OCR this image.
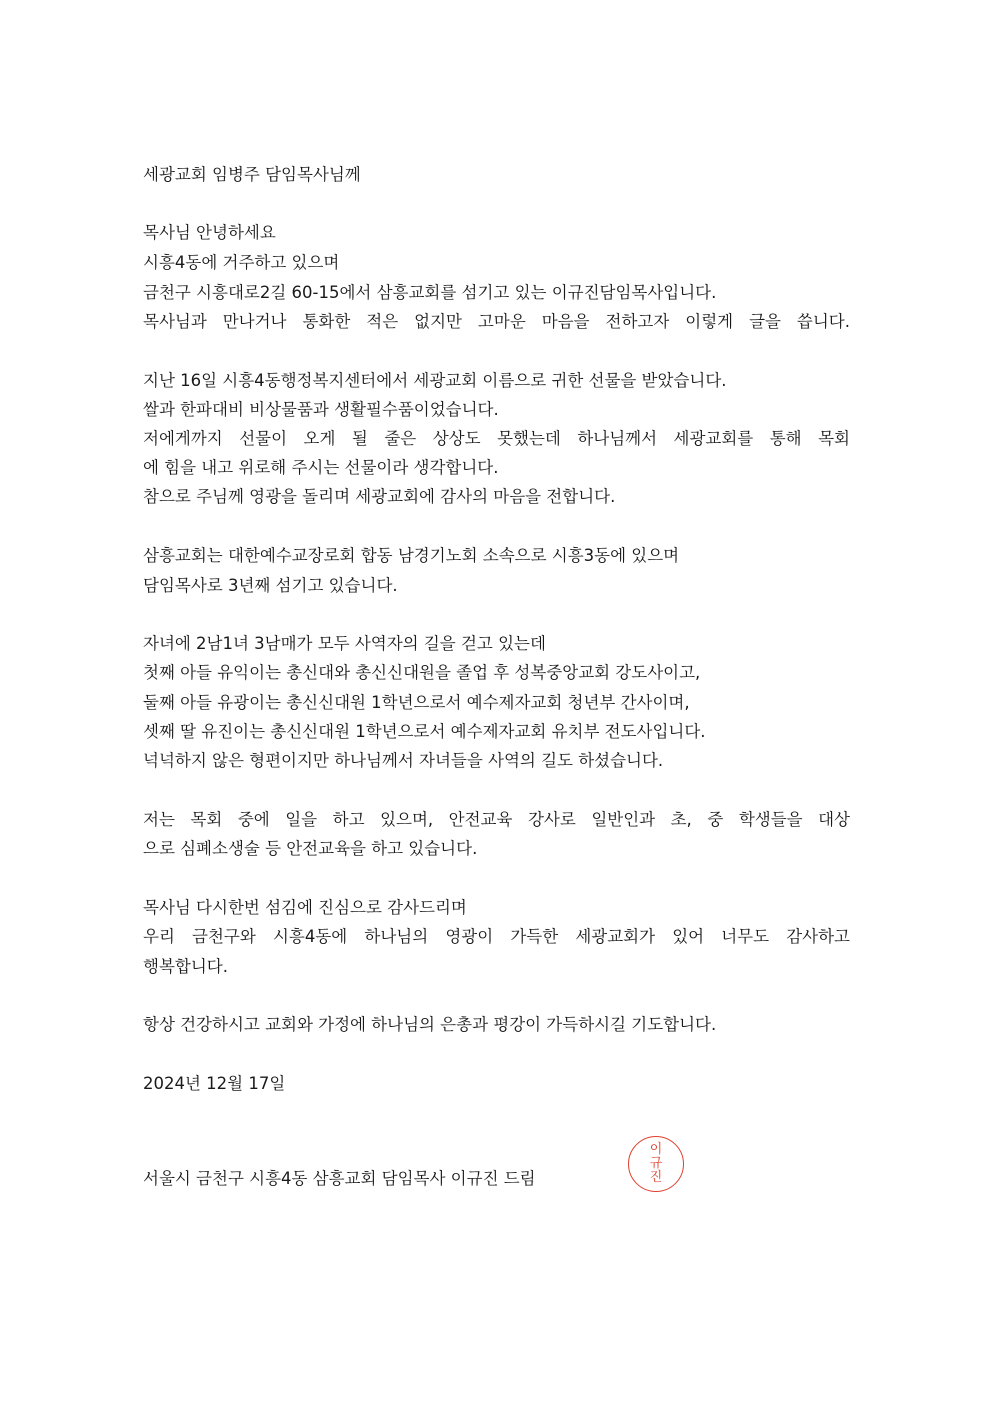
세광교회 임병주 담임목사님께
목사님 안녕하세요
시흥4동에 거주하고 있으며
금천구 시흥대로2길 60-15에서 삼흥교회를 섬기고 있는 이규진담임목사입니다.
목사님과 만나거나 통화한 적은 없지만 고마운 마음을 전하고자 이렇게 글을 씁니다.
지난 16일 시흥4동행정복지센터에서 세광교회 이름으로 귀한 선물을 받았습니다.
쌀과 한파대비 비상물품과 생활필수품이었습니다.
저에게까지 선물이 오게 될 줄은 상상도 못했는데 하나님께서 세광교회를 통해 목회
에 힘을 내고 위로해 주시는 선물이라 생각합니다.
참으로 주님께 영광을 돌리며 세광교회에 감사의 마음을 전합니다.
삼흥교회는 대한예수교장로회 합동 남경기노회 소속으로 시흥3동에 있으며
담임목사로 3년째 섬기고 있습니다.
자녀에 2남1녀 3남매가 모두 사역자의 길을 걷고 있는데
첫째 아들 유익이는 총신대와 총신신대원을 졸업 후 성복중앙교회 강도사이고,
둘째 아들 유광이는 총신신대원 1학년으로서 예수제자교회 청년부 간사이며,
셋째 딸 유진이는 총신신대원 1학년으로서 예수제자교회 유치부 전도사입니다.
넉넉하지 않은 형편이지만 하나님께서 자녀들을 사역의 길도 하셨습니다.
저는 목회 중에 일을 하고 있으며, 안전교육 강사로 일반인과 초, 중 학생들을 대상
으로 심폐소생술 등 안전교육을 하고 있습니다.
목사님 다시한번 섬김에 진심으로 감사드리며
우리 금천구와 시흥4동에 하나님의 영광이 가득한 세광교회가 있어 너무도 감사하고
행복합니다.
항상 건강하시고 교회와 가정에 하나님의 은총과 평강이 가득하시길 기도합니다.
2024년 12월 17일
서울시 금천구 시흥4동 삼흥교회 담임목사 이규진 드림
이
규
진
